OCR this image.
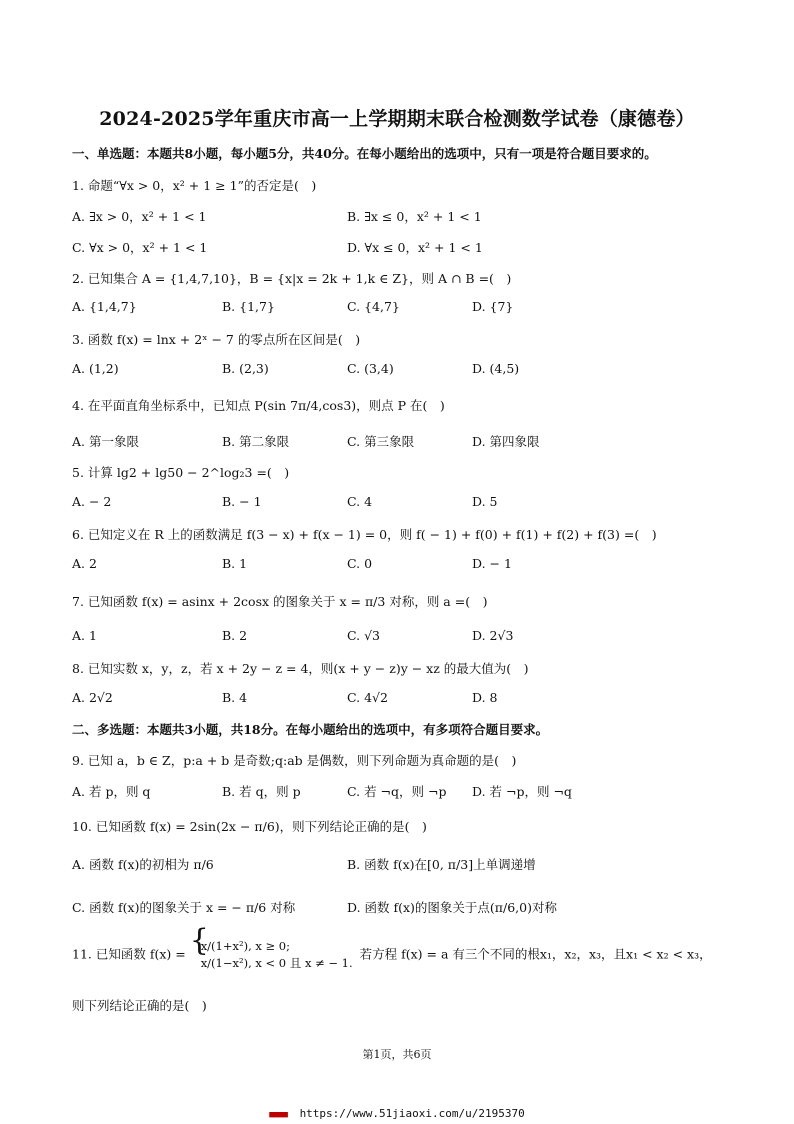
2024-2025学年重庆市高一上学期期末联合检测数学试卷（康德卷）
一、单选题：本题共8小题，每小题5分，共40分。在每小题给出的选项中，只有一项是符合题目要求的。
1. 命题“∀x > 0，x² + 1 ≥ 1”的否定是(　)
A. ∃x > 0，x² + 1 < 1	B. ∃x ≤ 0，x² + 1 < 1
C. ∀x > 0，x² + 1 < 1	D. ∀x ≤ 0，x² + 1 < 1
2. 已知集合 A = {1,4,7,10}，B = {x|x = 2k + 1,k ∈ Z}，则 A ∩ B =(　)
A. {1,4,7}	B. {1,7}	C. {4,7}	D. {7}
3. 函数 f(x) = lnx + 2ˣ − 7 的零点所在区间是(　)
A. (1,2)	B. (2,3)	C. (3,4)	D. (4,5)
4. 在平面直角坐标系中，已知点 P(sin 7π/4,cos3)，则点 P 在(　)
A. 第一象限	B. 第二象限	C. 第三象限	D. 第四象限
5. 计算 lg2 + lg50 − 2^log₂3 =(　)
A. − 2	B. − 1	C. 4	D. 5
6. 已知定义在 R 上的函数满足 f(3 − x) + f(x − 1) = 0，则 f( − 1) + f(0) + f(1) + f(2) + f(3) =(　)
A. 2	B. 1	C. 0	D. − 1
7. 已知函数 f(x) = asinx + 2cosx 的图象关于 x = π/3 对称，则 a =(　)
A. 1	B. 2	C. √3	D. 2√3
8. 已知实数 x，y，z，若 x + 2y − z = 4，则(x + y − z)y − xz 的最大值为(　)
A. 2√2	B. 4	C. 4√2	D. 8
二、多选题：本题共3小题，共18分。在每小题给出的选项中，有多项符合题目要求。
9. 已知 a，b ∈ Z，p:a + b 是奇数;q:ab 是偶数，则下列命题为真命题的是(　)
A. 若 p，则 q	B. 若 q，则 p	C. 若 ¬q，则 ¬p D. 若 ¬p，则 ¬q
10. 已知函数 f(x) = 2sin(2x − π/6)，则下列结论正确的是(　)
A. 函数 f(x)的初相为 π/6	B. 函数 f(x)在[0, π/3]上单调递增
C. 函数 f(x)的图象关于 x = − π/6 对称	D. 函数 f(x)的图象关于点(π/6,0)对称
11. 已知函数 f(x) =
{ x/(1+x²), x ≥ 0;
x/(1−x²), x < 0 且 x ≠ − 1.
若方程 f(x) = a 有三个不同的根x₁，x₂，x₃，且x₁ < x₂ < x₃，
则下列结论正确的是(　)
第1页，共6页
■■■■ https://www.51jiaoxi.com/u/2195370
